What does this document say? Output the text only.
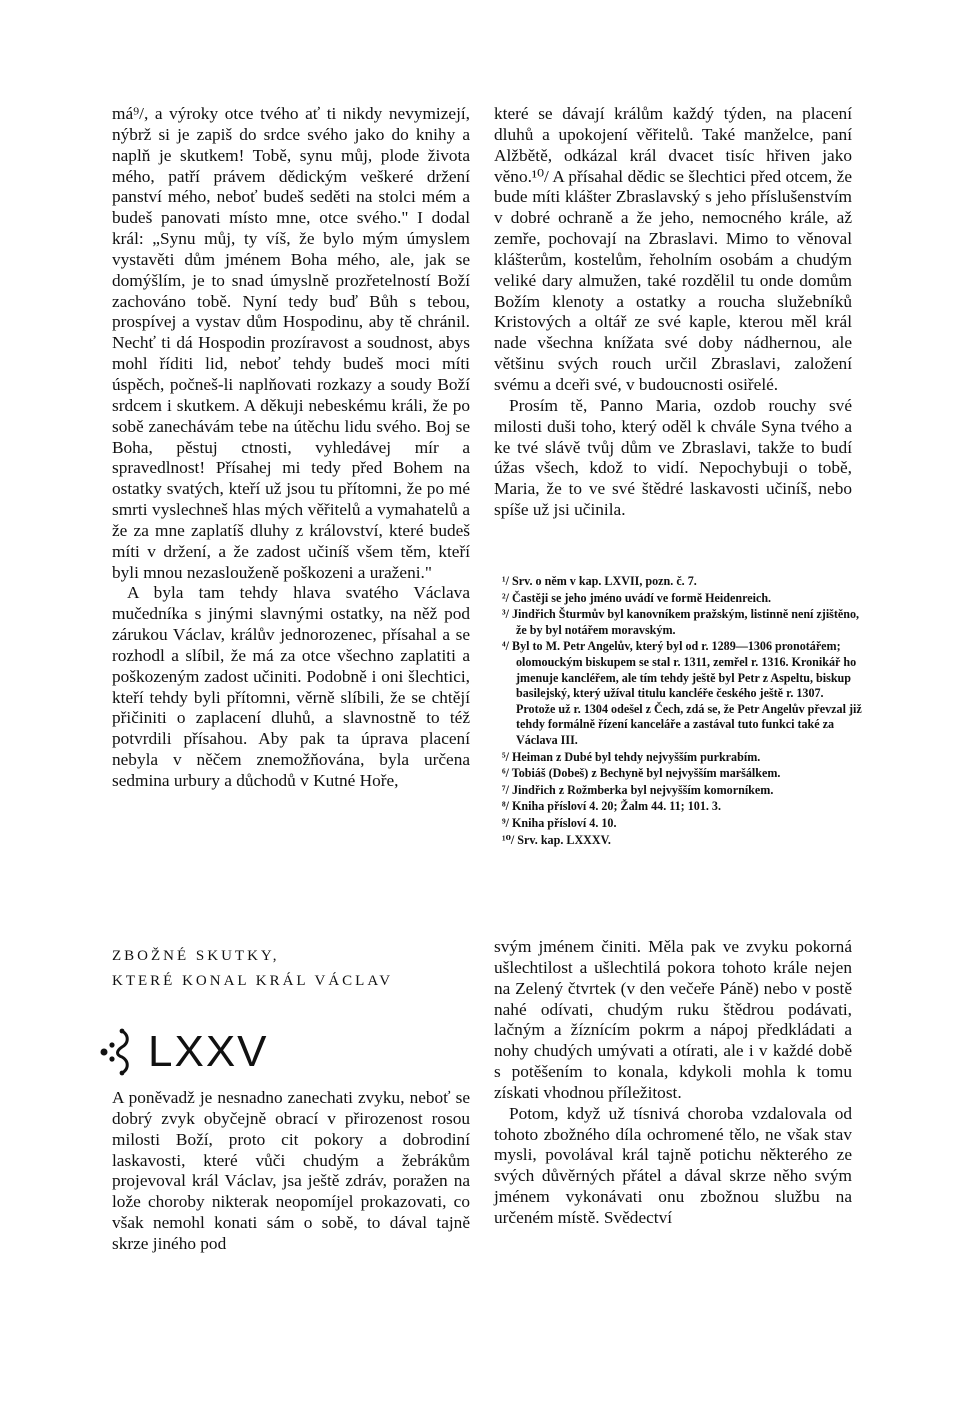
má⁹/, a výroky otce tvého ať ti nikdy nevymizejí, nýbrž si je zapiš do srdce svého jako do knihy a naplň je skutkem! Tobě, synu můj, plode života mého, patří právem dědickým veškeré držení panství mého, neboť budeš seděti na stolci mém a budeš panovati místo mne, otce svého." I dodal král: „Synu můj, ty víš, že bylo mým úmyslem vystavěti dům jménem Boha mého, ale, jak se domýšlím, je to snad úmyslně prozřetelností Boží zachováno tobě. Nyní tedy buď Bůh s tebou, prospívej a vystav dům Hospodinu, aby tě chránil. Nechť ti dá Hospodin prozíravost a soudnost, abys mohl říditi lid, neboť tehdy budeš moci míti úspěch, počneš-li naplňovati rozkazy a soudy Boží srdcem i skutkem. A děkuji nebeskému králi, že po sobě zanechávám tebe na útěchu lidu svého. Boj se Boha, pěstuj ctnosti, vyhledávej mír a spravedlnost! Přísahej mi tedy před Bohem na ostatky svatých, kteří už jsou tu přítomni, že po mé smrti vyslechneš hlas mých věřitelů a vymahatelů a že za mne zaplatíš dluhy z království, které budeš míti v držení, a že zadost učiníš všem těm, kteří byli mnou nezaslouženě poškozeni a uraženi."

A byla tam tehdy hlava svatého Václava mučedníka s jinými slavnými ostatky, na něž pod zárukou Václav, králův jednorozenec, přísahal a se rozhodl a slíbil, že má za otce všechno zaplatiti a poškozeným zadost učiniti. Podobně i oni šlechtici, kteří tehdy byli přítomni, věrně slíbili, že se chtějí přičiniti o zaplacení dluhů, a slavnostně to též potvrdili přísahou. Aby pak ta úprava placení nebyla v něčem znemožňována, byla určena sedmina urbury a důchodů v Kutné Hoře,

které se dávají králům každý týden, na placení dluhů a upokojení věřitelů. Také manželce, paní Alžbětě, odkázal král dvacet tisíc hřiven jako věno.¹⁰/ A přísahal dědic se šlechtici před otcem, že bude míti klášter Zbraslavský s jeho příslušenstvím v dobré ochraně a že jeho, nemocného krále, až zemře, pochovají na Zbraslavi. Mimo to věnoval klášterům, kostelům, řeholním osobám a chudým veliké dary almužen, také rozdělil tu onde domům Božím klenoty a ostatky a roucha služebníků Kristových a oltář ze své kaple, kterou měl král nade všechna knížata své doby nádhernou, ale většinu svých rouch určil Zbraslavi, založení svému a dceři své, v budoucnosti osiřelé.

Prosím tě, Panno Maria, ozdob rouchy své milosti duši toho, který oděl k chvále Syna tvého a ke tvé slávě tvůj dům ve Zbraslavi, takže to budí úžas všech, kdož to vidí. Nepochybuji o tobě, Maria, že to ve své štědré laskavosti učiníš, nebo spíše už jsi učinila.

¹/ Srv. o něm v kap. LXVII, pozn. č. 7.
²/ Častěji se jeho jméno uvádí ve formě Heidenreich.
³/ Jindřich Šturmův byl kanovníkem pražským, listinně není zjištěno, že by byl notářem moravským.
⁴/ Byl to M. Petr Angelův, který byl od r. 1289—1306 pronotářem; olomouckým biskupem se stal r. 1311, zemřel r. 1316. Kronikář ho jmenuje kancléřem, ale tím tehdy ještě byl Petr z Aspeltu, biskup basilejský, který užíval titulu kancléře českého ještě r. 1307. Protože už r. 1304 odešel z Čech, zdá se, že Petr Angelův převzal již tehdy formálně řízení kanceláře a zastával tuto funkci také za Václava III.
⁵/ Heiman z Dubé byl tehdy nejvyšším purkrabím.
⁶/ Tobiáš (Dobeš) z Bechyně byl nejvyšším maršálkem.
⁷/ Jindřich z Rožmberka byl nejvyšším komorníkem.
⁸/ Kniha přísloví 4. 20; Žalm 44. 11; 101. 3.
⁹/ Kniha přísloví 4. 10.
¹⁰/ Srv. kap. LXXXV.
ZBOŽNÉ SKUTKY,
KTERÉ KONAL KRÁL VÁCLAV
LXXV

A poněvadž je nesnadno zanechati zvyku, neboť se dobrý zvyk obyčejně obrací v přirozenost rosou milosti Boží, proto cit pokory a dobrodiní laskavosti, které vůči chudým a žebrákům projevoval král Václav, jsa ještě zdráv, poražen na lože choroby nikterak neopomíjel prokazovati, co však nemohl konati sám o sobě, to dával tajně skrze jiného pod

svým jménem činiti. Měla pak ve zvyku pokorná ušlechtilost a ušlechtilá pokora tohoto krále nejen na Zelený čtvrtek (v den večeře Páně) nebo v postě nahé odívati, chudým ruku štědrou podávati, lačným a žíznícím pokrm a nápoj předkládati a nohy chudých umývati a otírati, ale i v každé době s potěšením to konala, kdykoli mohla k tomu získati vhodnou příležitost.

Potom, když už tísnivá choroba vzdalovala od tohoto zbožného díla ochromené tělo, ne však stav mysli, povolával král tajně potichu některého ze svých důvěrných přátel a dával skrze něho svým jménem vykonávati onu zbožnou službu na určeném místě. Svědectví
